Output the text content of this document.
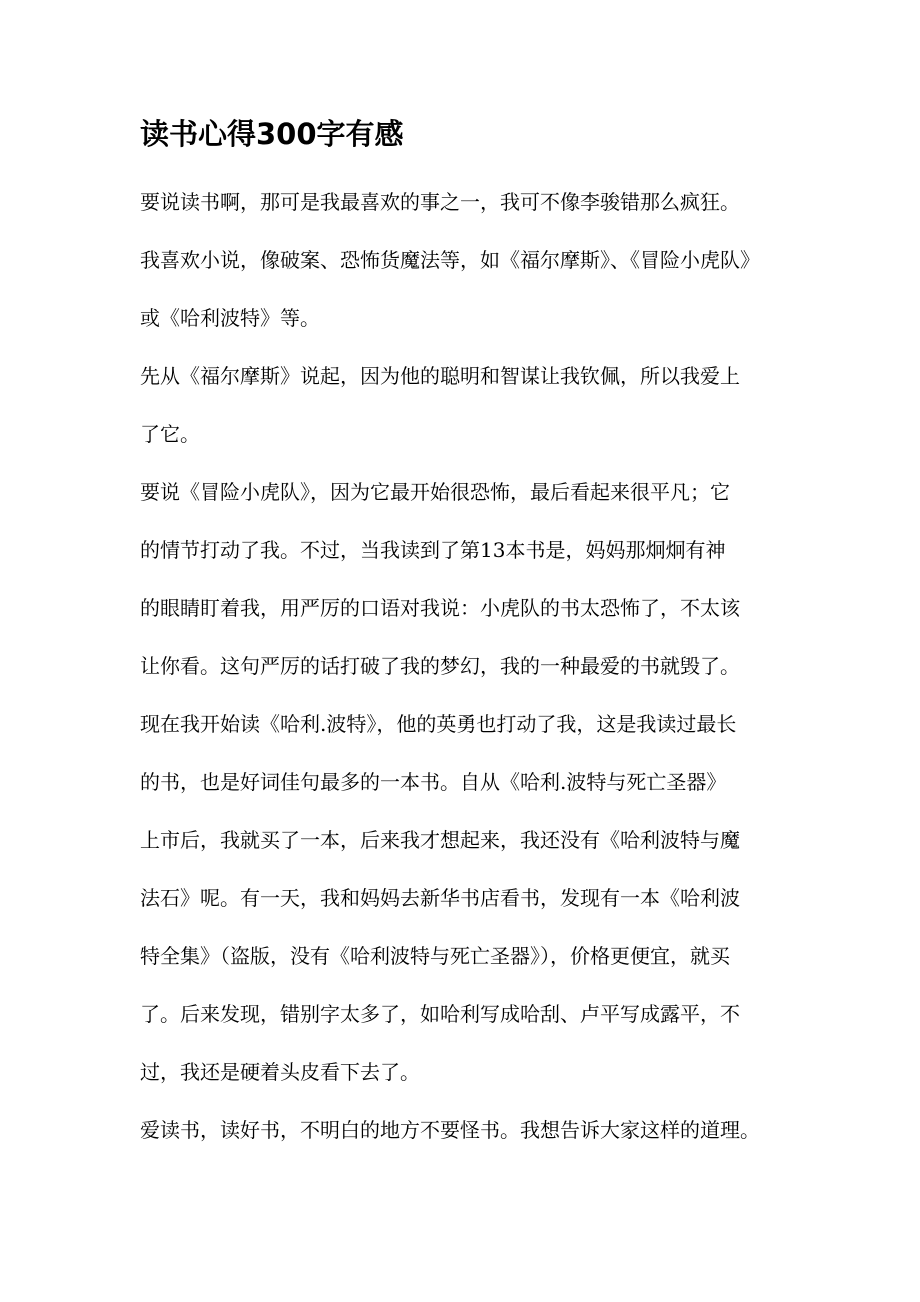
读书心得300字有感
要说读书啊，那可是我最喜欢的事之一，我可不像李骏错那么疯狂。
我喜欢小说，像破案、恐怖货魔法等，如《福尔摩斯》、《冒险小虎队》
或《哈利波特》等。
先从《福尔摩斯》说起，因为他的聪明和智谋让我钦佩，所以我爱上
了它。
要说《冒险小虎队》，因为它最开始很恐怖，最后看起来很平凡；它
的情节打动了我。不过，当我读到了第13本书是，妈妈那炯炯有神
的眼睛盯着我，用严厉的口语对我说：小虎队的书太恐怖了，不太该
让你看。这句严厉的话打破了我的梦幻，我的一种最爱的书就毁了。
现在我开始读《哈利.波特》，他的英勇也打动了我，这是我读过最长
的书，也是好词佳句最多的一本书。自从《哈利.波特与死亡圣器》
上市后，我就买了一本，后来我才想起来，我还没有《哈利波特与魔
法石》呢。有一天，我和妈妈去新华书店看书，发现有一本《哈利波
特全集》（盗版，没有《哈利波特与死亡圣器》），价格更便宜，就买
了。后来发现，错别字太多了，如哈利写成哈刮、卢平写成露平，不
过，我还是硬着头皮看下去了。
爱读书，读好书，不明白的地方不要怪书。我想告诉大家这样的道理。
